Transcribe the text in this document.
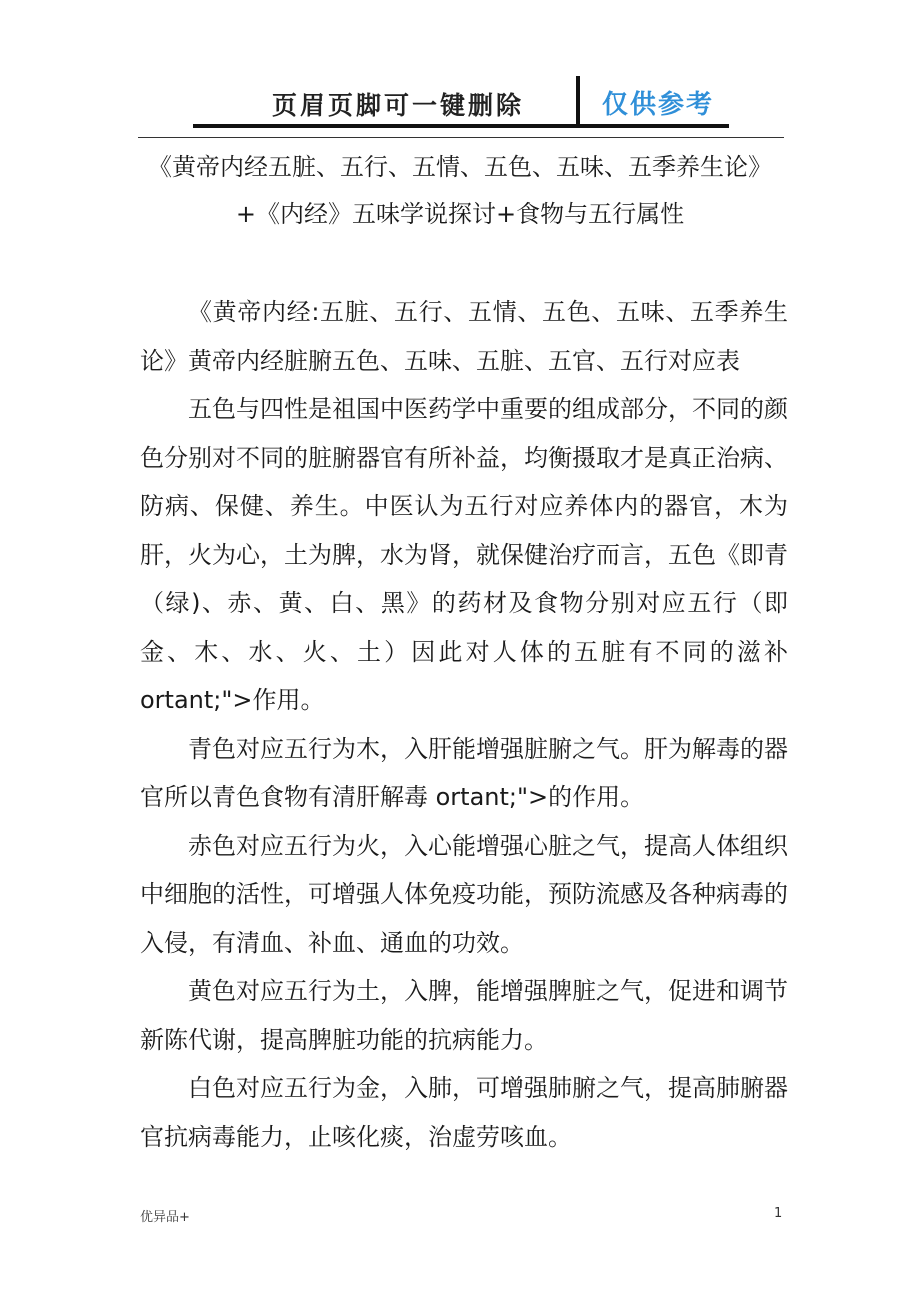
页眉页脚可一键删除	仅供参考
《黄帝内经五脏、五行、五情、五色、五味、五季养生论》
+《内经》五味学说探讨+食物与五行属性

《黄帝内经:五脏、五行、五情、五色、五味、五季养生论》黄帝内经脏腑五色、五味、五脏、五官、五行对应表

五色与四性是祖国中医药学中重要的组成部分，不同的颜色分别对不同的脏腑器官有所补益，均衡摄取才是真正治病、防病、保健、养生。中医认为五行对应养体内的器官，木为肝，火为心，土为脾，水为肾，就保健治疗而言，五色《即青（绿)、赤、黄、白、黑》的药材及食物分别对应五行（即金、木、水、火、土）因此对人体的五脏有不同的滋补 ortant;">作用。

青色对应五行为木，入肝能增强脏腑之气。肝为解毒的器官所以青色食物有清肝解毒 ortant;">的作用。

赤色对应五行为火，入心能增强心脏之气，提高人体组织中细胞的活性，可增强人体免疫功能，预防流感及各种病毒的入侵，有清血、补血、通血的功效。

黄色对应五行为土，入脾，能增强脾脏之气，促进和调节新陈代谢，提高脾脏功能的抗病能力。

白色对应五行为金，入肺，可增强肺腑之气，提高肺腑器官抗病毒能力，止咳化痰，治虚劳咳血。

优异品+	1
